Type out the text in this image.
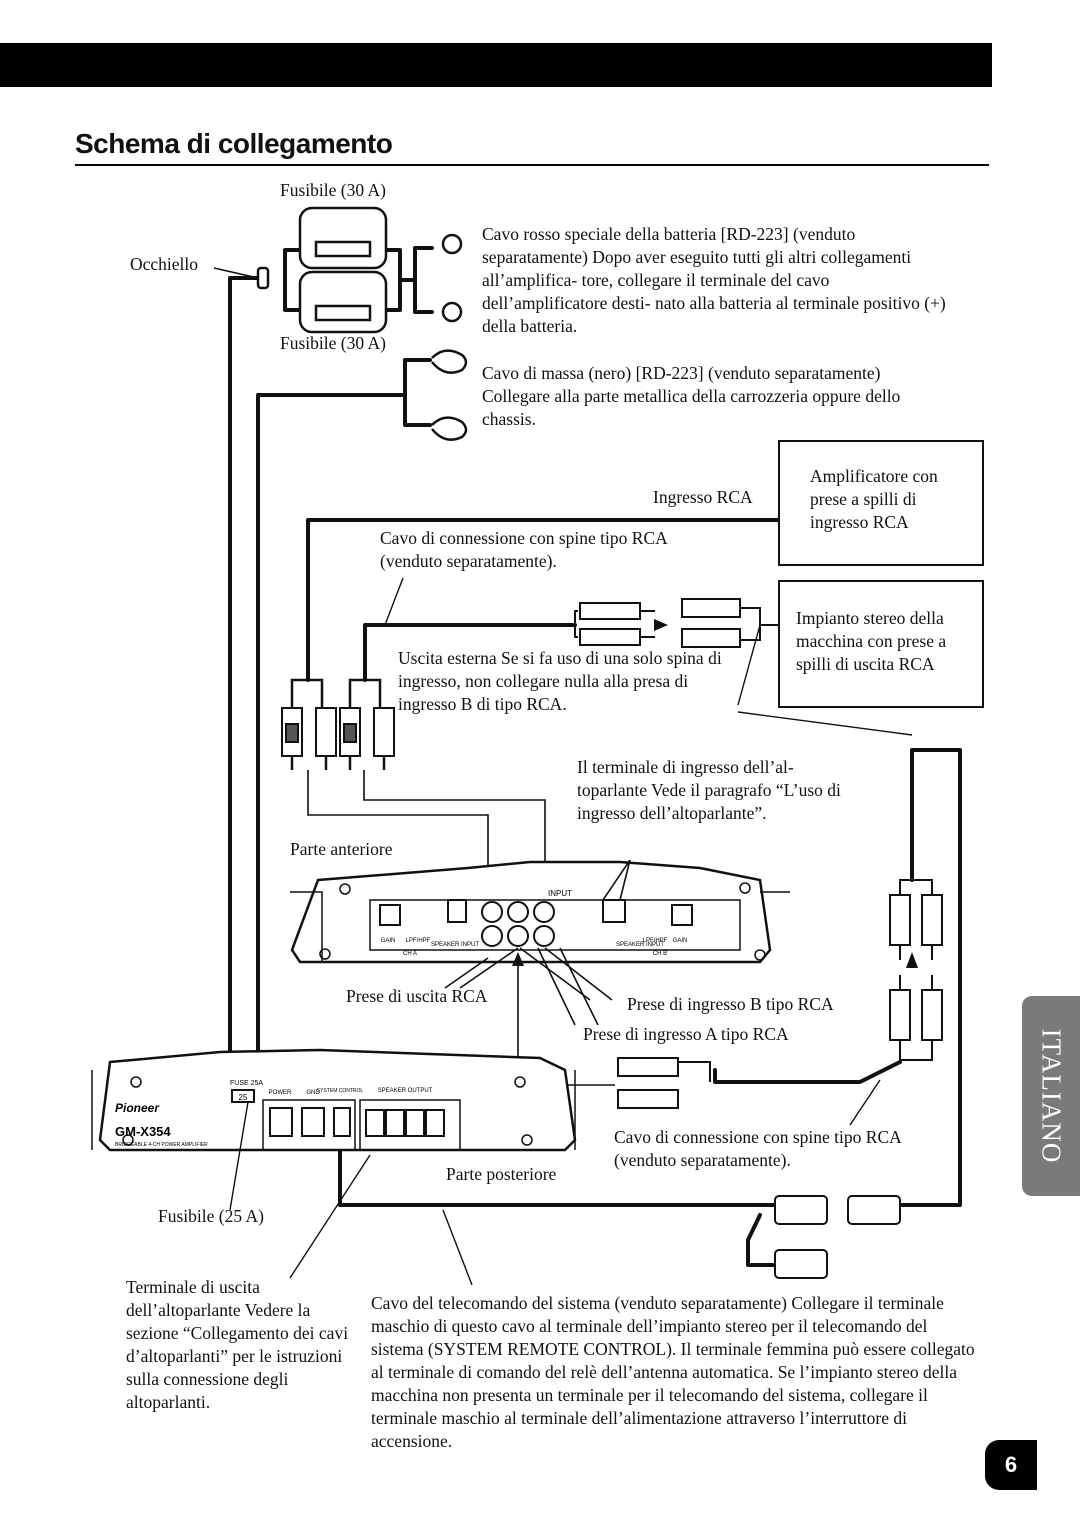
Schema di collegamento
INPUT
SPEAKER INPUT	SPEAKER INPUT
GAIN	GAIN
LPF/HPF	LPF/HPF
CH A	CH B
Pioneer
GM-X354
BRIDGEABLE 4-CH POWER AMPLIFIER
FUSE 25A
25	POWER GND
SYSTEM CONTROL SPEAKER OUTPUT
Fusibile (30 A)
Occhiello
Fusibile (30 A)
Cavo rosso speciale della batteria [RD-223] (venduto separatamente) Dopo aver eseguito tutti gli altri collegamenti all’amplifica- tore, collegare il terminale del cavo dell’amplificatore desti- nato alla batteria al terminale positivo (+) della batteria.
Cavo di massa (nero) [RD-223] (venduto separatamente) Collegare alla parte metallica della carrozzeria oppure dello chassis.
Ingresso RCA
Amplificatore con prese a spilli di ingresso RCA
Cavo di connessione con spine tipo RCA (venduto separatamente).
Impianto stereo della macchina con prese a spilli di uscita RCA
Uscita esterna Se si fa uso di una solo spina di ingresso, non collegare nulla alla presa di ingresso B di tipo RCA.
Il terminale di ingresso dell’al- toparlante Vede il paragrafo “L’uso di ingresso dell’altoparlante”.
Parte anteriore
Prese di uscita RCA	Prese di ingresso B tipo RCA
Prese di ingresso A tipo RCA
Cavo di connessione con spine tipo RCA (venduto separatamente).
Parte posteriore
Fusibile (25 A)
Terminale di uscita dell’altoparlante Vedere la sezione “Collegamento dei cavi d’altoparlanti” per le istruzioni sulla connessione degli altoparlanti.
Cavo del telecomando del sistema (venduto separatamente) Collegare il terminale maschio di questo cavo al terminale dell’impianto stereo per il telecomando del sistema (SYSTEM REMOTE CONTROL). Il terminale femmina può essere collegato al terminale di comando del relè dell’antenna automatica. Se l’impianto stereo della macchina non presenta un terminale per il telecomando del sistema, collegare il terminale maschio al terminale dell’alimentazione attraverso l’interruttore di accensione.
ITALIANO
6
